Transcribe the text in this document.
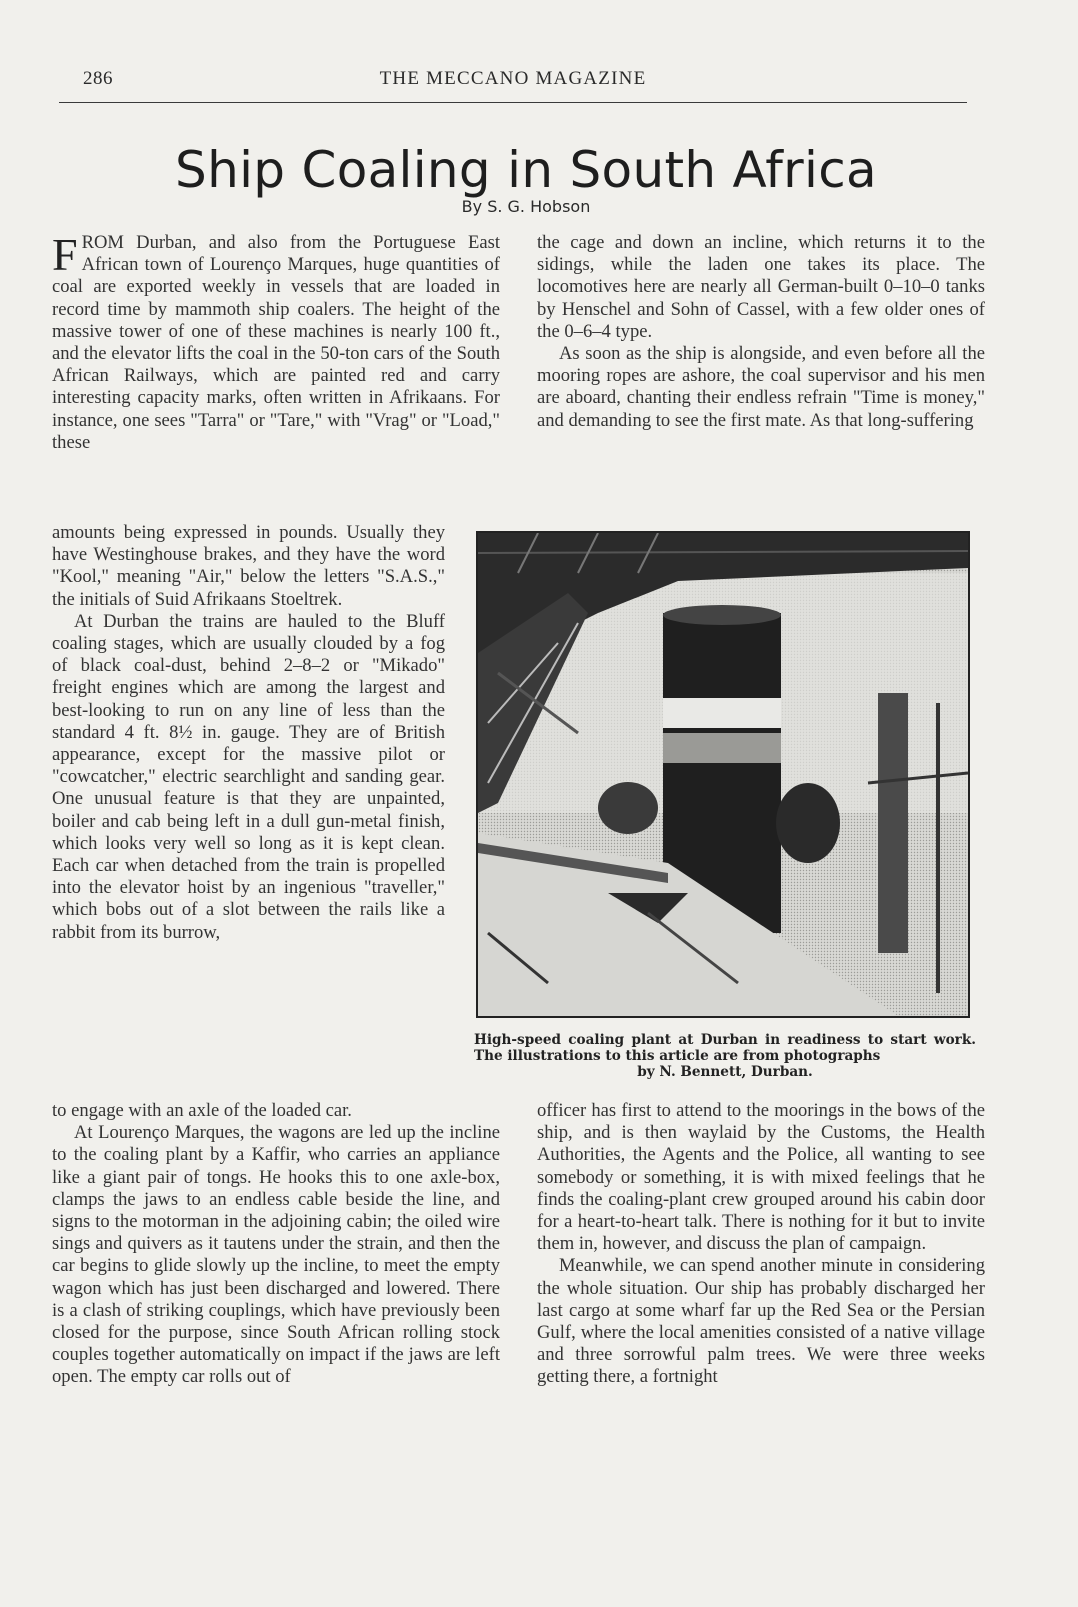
286	THE MECCANO MAGAZINE
Ship Coaling in South Africa
By S. G. Hobson

FROM Durban, and also from the Portuguese East African town of Lourenço Marques, huge quantities of coal are exported weekly in vessels that are loaded in record time by mammoth ship coalers. The height of the massive tower of one of these machines is nearly 100 ft., and the elevator lifts the coal in the 50-ton cars of the South African Railways, which are painted red and carry interesting capacity marks, often written in Afrikaans. For instance, one sees "Tarra" or "Tare," with "Vrag" or "Load," these

amounts being expressed in pounds. Usually they have Westinghouse brakes, and they have the word "Kool," meaning "Air," below the letters "S.A.S.," the initials of Suid Afrikaans Stoeltrek.

At Durban the trains are hauled to the Bluff coaling stages, which are usually clouded by a fog of black coal-dust, behind 2–8–2 or "Mikado" freight engines which are among the largest and best-looking to run on any line of less than the standard 4 ft. 8½ in. gauge. They are of British appearance, except for the massive pilot or "cowcatcher," electric searchlight and sanding gear. One unusual feature is that they are unpainted, boiler and cab being left in a dull gun-metal finish, which looks very well so long as it is kept clean. Each car when detached from the train is propelled into the elevator hoist by an ingenious "traveller," which bobs out of a slot between the rails like a rabbit from its burrow,

to engage with an axle of the loaded car.

At Lourenço Marques, the wagons are led up the incline to the coaling plant by a Kaffir, who carries an appliance like a giant pair of tongs. He hooks this to one axle-box, clamps the jaws to an endless cable beside the line, and signs to the motorman in the adjoining cabin; the oiled wire sings and quivers as it tautens under the strain, and then the car begins to glide slowly up the incline, to meet the empty wagon which has just been discharged and lowered. There is a clash of striking couplings, which have previously been closed for the purpose, since South African rolling stock couples together automatically on impact if the jaws are left open. The empty car rolls out of

the cage and down an incline, which returns it to the sidings, while the laden one takes its place. The locomotives here are nearly all German-built 0–10–0 tanks by Henschel and Sohn of Cassel, with a few older ones of the 0–6–4 type.

As soon as the ship is alongside, and even before all the mooring ropes are ashore, the coal supervisor and his men are aboard, chanting their endless refrain "Time is money," and demanding to see the first mate. As that long-suffering

High-speed coaling plant at Durban in readiness to start work. The illustrations to this article are from photographs
by N. Bennett, Durban.

officer has first to attend to the moorings in the bows of the ship, and is then waylaid by the Customs, the Health Authorities, the Agents and the Police, all wanting to see somebody or something, it is with mixed feelings that he finds the coaling-plant crew grouped around his cabin door for a heart-to-heart talk. There is nothing for it but to invite them in, however, and discuss the plan of campaign.

Meanwhile, we can spend another minute in considering the whole situation. Our ship has probably discharged her last cargo at some wharf far up the Red Sea or the Persian Gulf, where the local amenities consisted of a native village and three sorrowful palm trees. We were three weeks getting there, a fortnight
